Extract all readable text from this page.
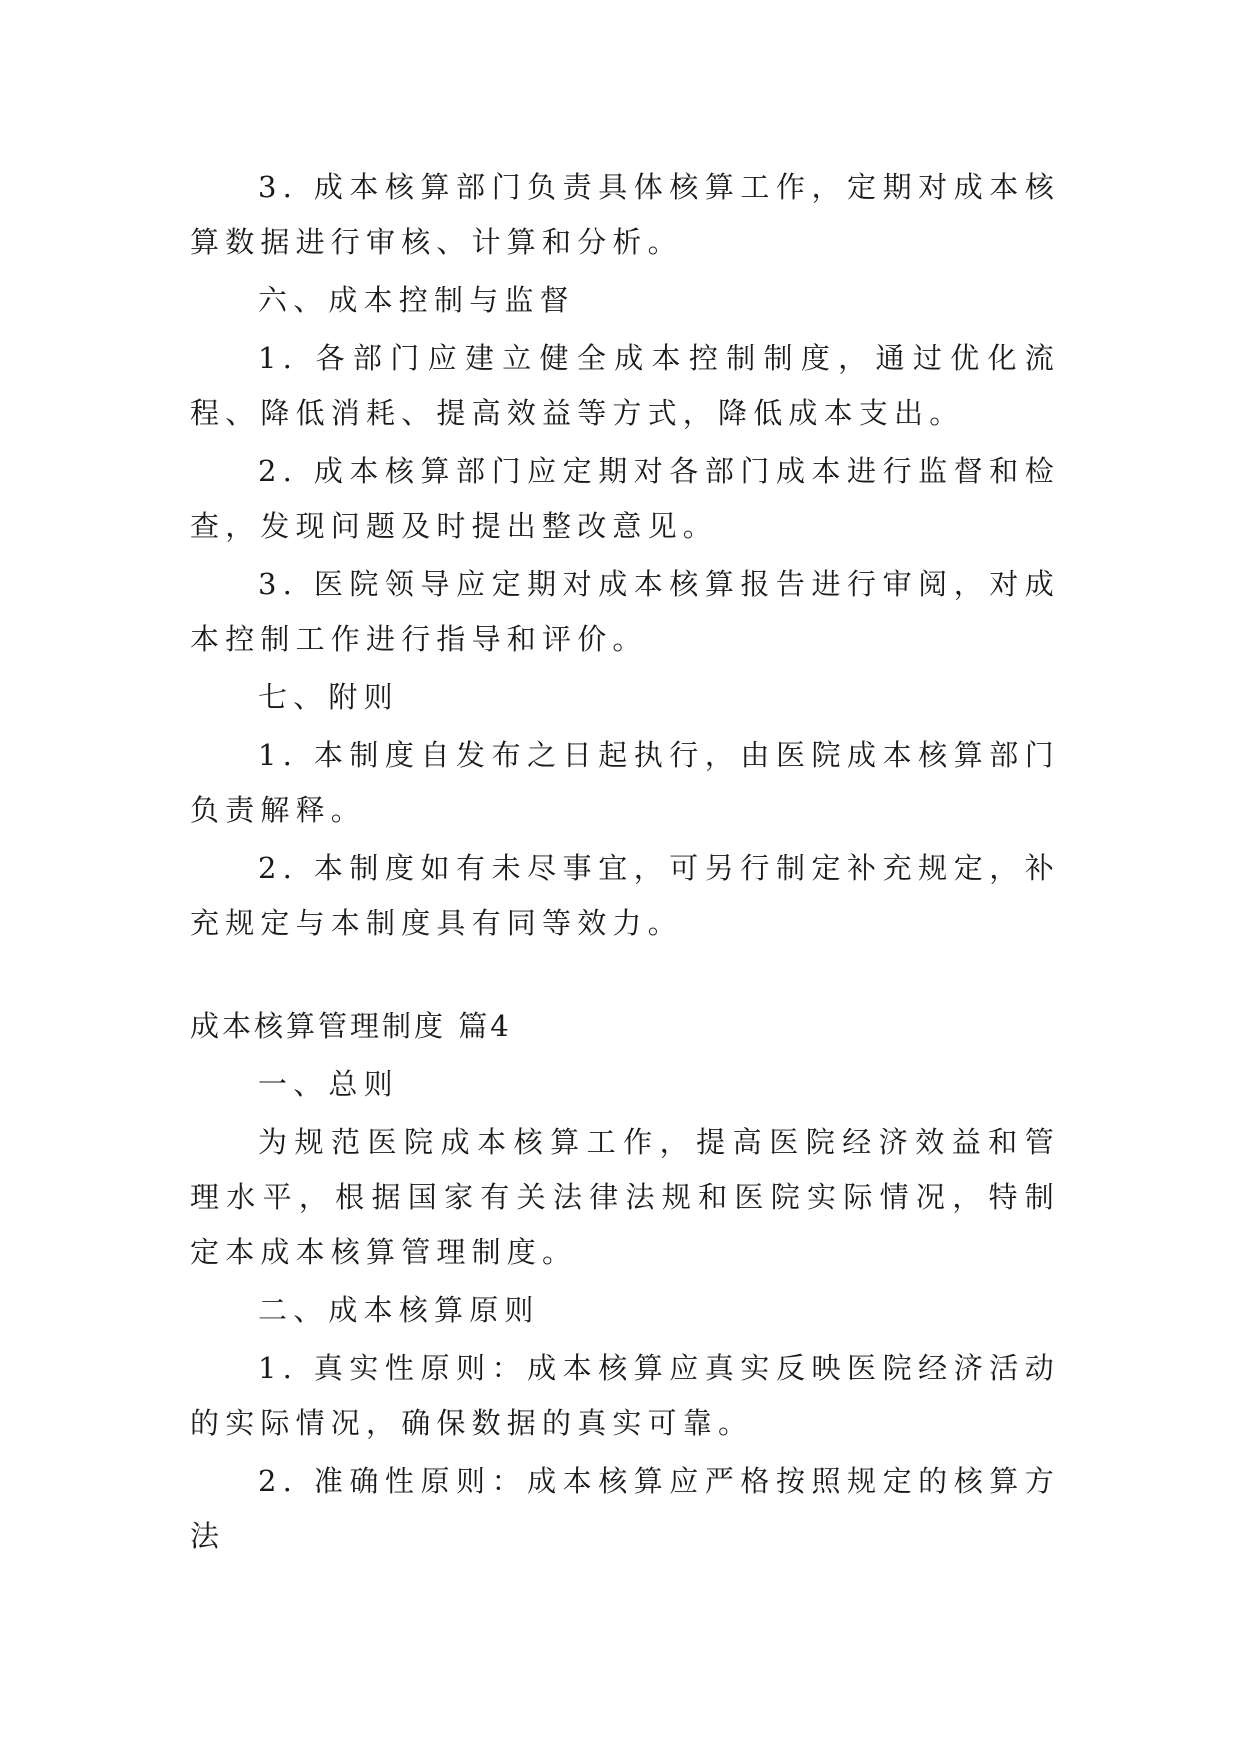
3. 成本核算部门负责具体核算工作，定期对成本核算数据进行审核、计算和分析。

六、成本控制与监督

1. 各部门应建立健全成本控制制度，通过优化流程、降低消耗、提高效益等方式，降低成本支出。

2. 成本核算部门应定期对各部门成本进行监督和检查，发现问题及时提出整改意见。

3. 医院领导应定期对成本核算报告进行审阅，对成本控制工作进行指导和评价。

七、附则

1. 本制度自发布之日起执行，由医院成本核算部门负责解释。

2. 本制度如有未尽事宜，可另行制定补充规定，补充规定与本制度具有同等效力。

成本核算管理制度 篇4

一、总则

为规范医院成本核算工作，提高医院经济效益和管理水平，根据国家有关法律法规和医院实际情况，特制定本成本核算管理制度。

二、成本核算原则

1. 真实性原则：成本核算应真实反映医院经济活动的实际情况，确保数据的真实可靠。

2. 准确性原则：成本核算应严格按照规定的核算方法
